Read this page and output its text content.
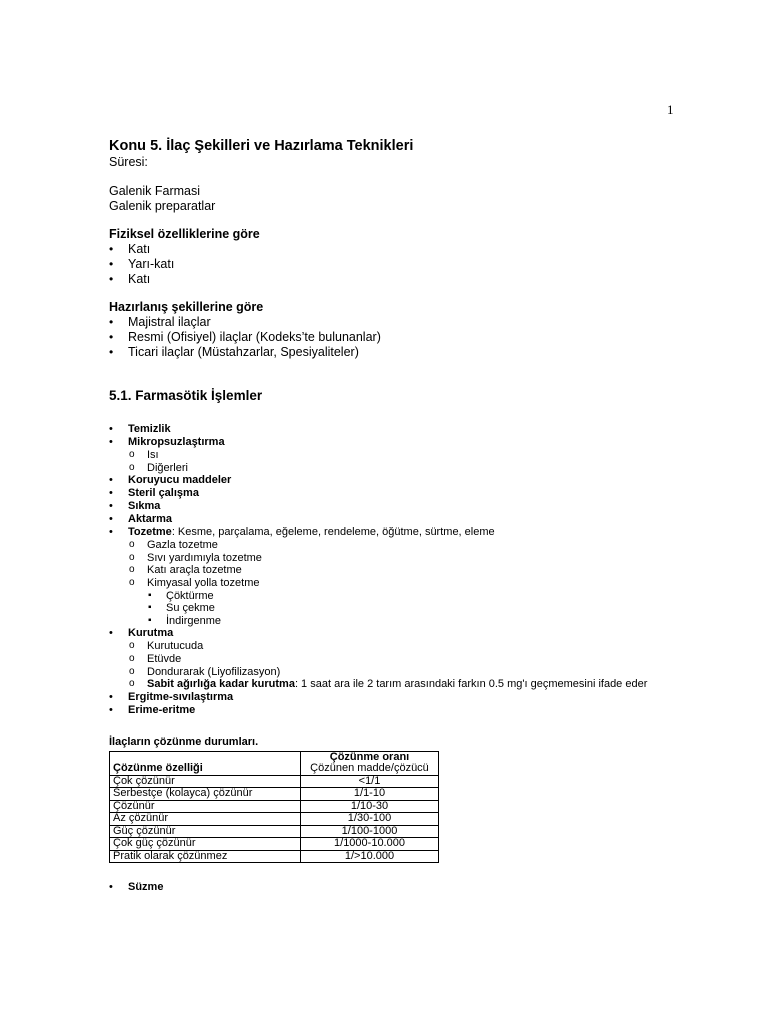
1
Konu 5. İlaç Şekilleri ve Hazırlama Teknikleri
Süresi:
Galenik Farmasi
Galenik preparatlar
Fiziksel özelliklerine göre
• Katı
• Yarı-katı
• Katı
Hazırlanış şekillerine göre
• Majistral ilaçlar
• Resmi (Ofisiyel) ilaçlar (Kodeks’te bulunanlar)
• Ticari ilaçlar (Müstahzarlar, Spesiyaliteler)
5.1. Farmasötik İşlemler
• Temizlik
• Mikropsuzlaştırma
o Isı
o Diğerleri
• Koruyucu maddeler
• Steril çalışma
• Sıkma
• Aktarma
• Tozetme: Kesme, parçalama, eğeleme, rendeleme, öğütme, sürtme, eleme
o Gazla tozetme
o Sıvı yardımıyla tozetme
o Katı araçla tozetme
o Kimyasal yolla tozetme
▪ Çöktürme
▪ Su çekme
▪ İndirgenme
• Kurutma
o Kurutucuda
o Etüvde
o Dondurarak (Liyofilizasyon)
o Sabit ağırlığa kadar kurutma: 1 saat ara ile 2 tarım arasındaki farkın 0.5 mg'ı geçmemesini ifade eder
• Ergitme-sıvılaştırma
• Erime-eritme
İlaçların çözünme durumları.
Çözünme özelliği	Çözünme oranı
Çözünen madde/çözücü

Çok çözünür	<1/1
Serbestçe (kolayca) çözünür	1/1-10
Çözünür	1/10-30
Az çözünür	1/30-100
Güç çözünür	1/100-1000
Çok güç çözünür	1/1000-10.000
Pratik olarak çözünmez	1/>10.000
• Süzme
